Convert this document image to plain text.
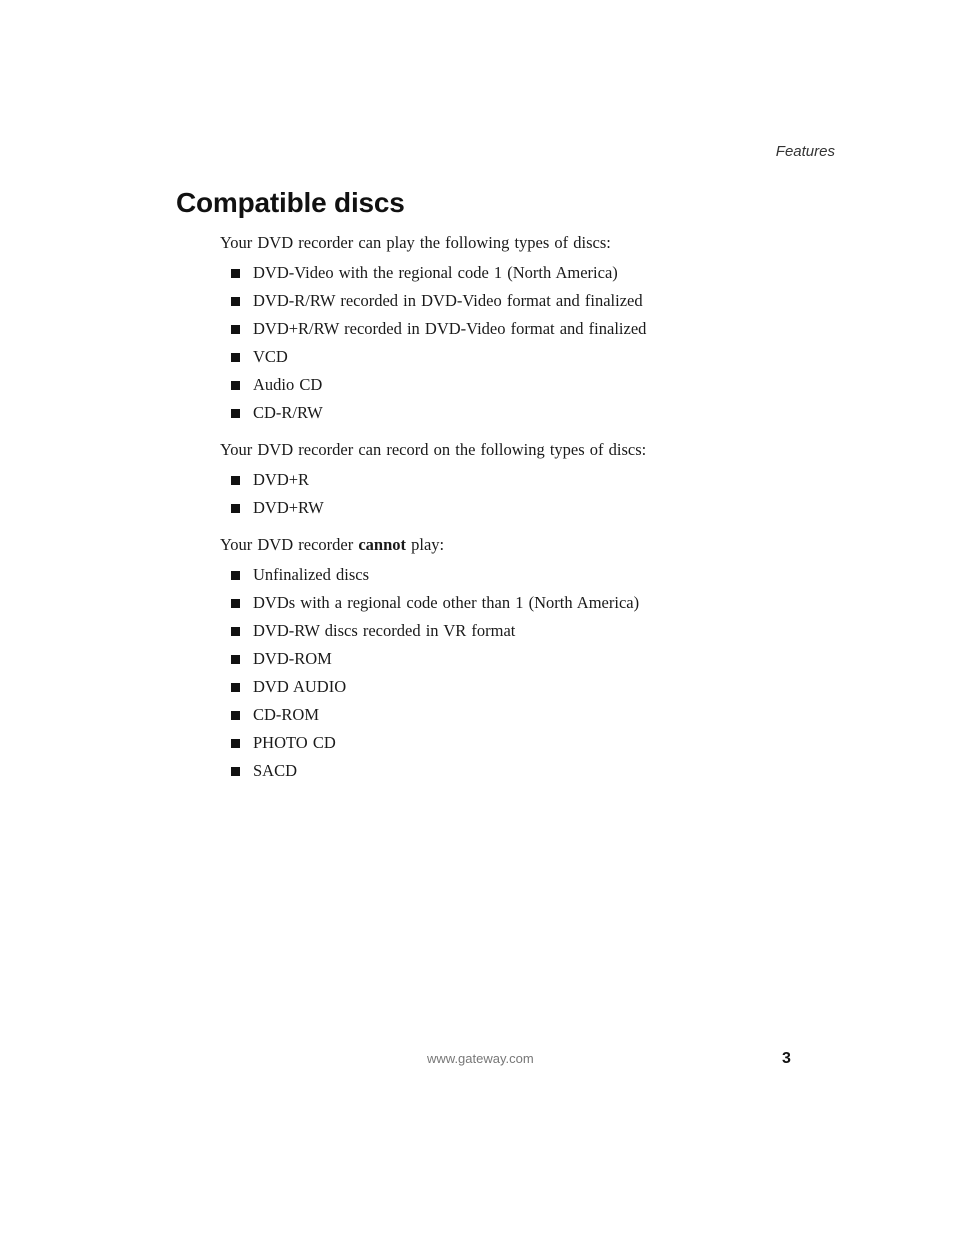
Features

Compatible discs

Your DVD recorder can play the following types of discs:

DVD-Video with the regional code 1 (North America)
DVD-R/RW recorded in DVD-Video format and finalized
DVD+R/RW recorded in DVD-Video format and finalized
VCD
Audio CD
CD-R/RW

Your DVD recorder can record on the following types of discs:

DVD+R
DVD+RW

Your DVD recorder cannot play:

Unfinalized discs
DVDs with a regional code other than 1 (North America)
DVD-RW discs recorded in VR format
DVD-ROM
DVD AUDIO
CD-ROM
PHOTO CD
SACD

www.gateway.com	3
